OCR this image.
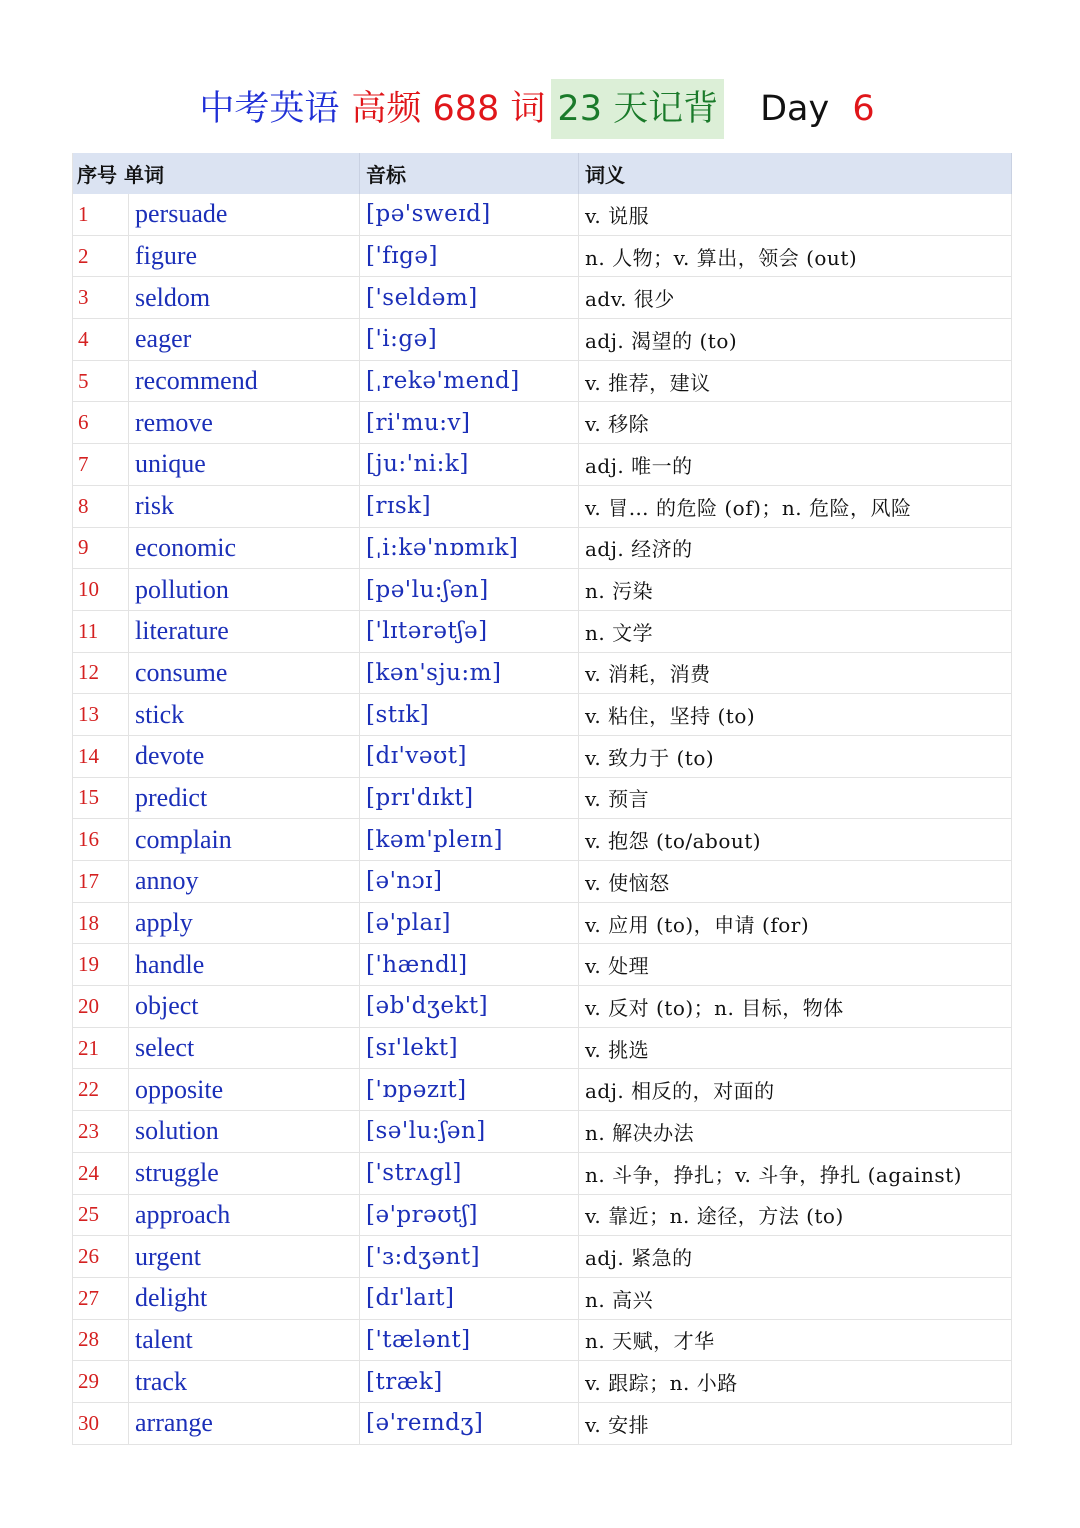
中考英语 高频 688 词 23 天记背	Day 6
序号 单词		音标	词义
1	persuade	[pə'sweɪd]	v. 说服
2	figure	['fɪgə]	n. 人物；v. 算出，领会 (out)
3	seldom	['seldəm]	adv. 很少
4	eager	['i:gə]	adj. 渴望的 (to)
5	recommend	[ˌrekə'mend]	v. 推荐，建议
6	remove	[ri'mu:v]	v. 移除
7	unique	[ju:'ni:k]	adj. 唯一的
8	risk	[rɪsk]	v. 冒… 的危险 (of)；n. 危险，风险
9	economic	[ˌi:kə'nɒmɪk]	adj. 经济的
10	pollution	[pə'lu:ʃən]	n. 污染
11	literature	['lɪtərətʃə]	n. 文学
12	consume	[kən'sju:m]	v. 消耗，消费
13	stick	[stɪk]	v. 粘住，坚持 (to)
14	devote	[dɪ'vəʊt]	v. 致力于 (to)
15	predict	[prɪ'dɪkt]	v. 预言
16	complain	[kəm'pleɪn]	v. 抱怨 (to/about)
17	annoy	[ə'nɔɪ]	v. 使恼怒
18	apply	[ə'plaɪ]	v. 应用 (to)，申请 (for)
19	handle	['hændl]	v. 处理
20	object	[əb'dʒekt]	v. 反对 (to)；n. 目标，物体
21	select	[sɪ'lekt]	v. 挑选
22	opposite	['ɒpəzɪt]	adj. 相反的，对面的
23	solution	[sə'lu:ʃən]	n. 解决办法
24	struggle	['strʌgl]	n. 斗争，挣扎；v. 斗争，挣扎 (against)
25	approach	[ə'prəʊtʃ]	v. 靠近；n. 途径，方法 (to)
26	urgent	['ɜ:dʒənt]	adj. 紧急的
27	delight	[dɪ'laɪt]	n. 高兴
28	talent	['tælənt]	n. 天赋，才华
29	track	[træk]	v. 跟踪；n. 小路
30	arrange	[ə'reɪndʒ]	v. 安排
